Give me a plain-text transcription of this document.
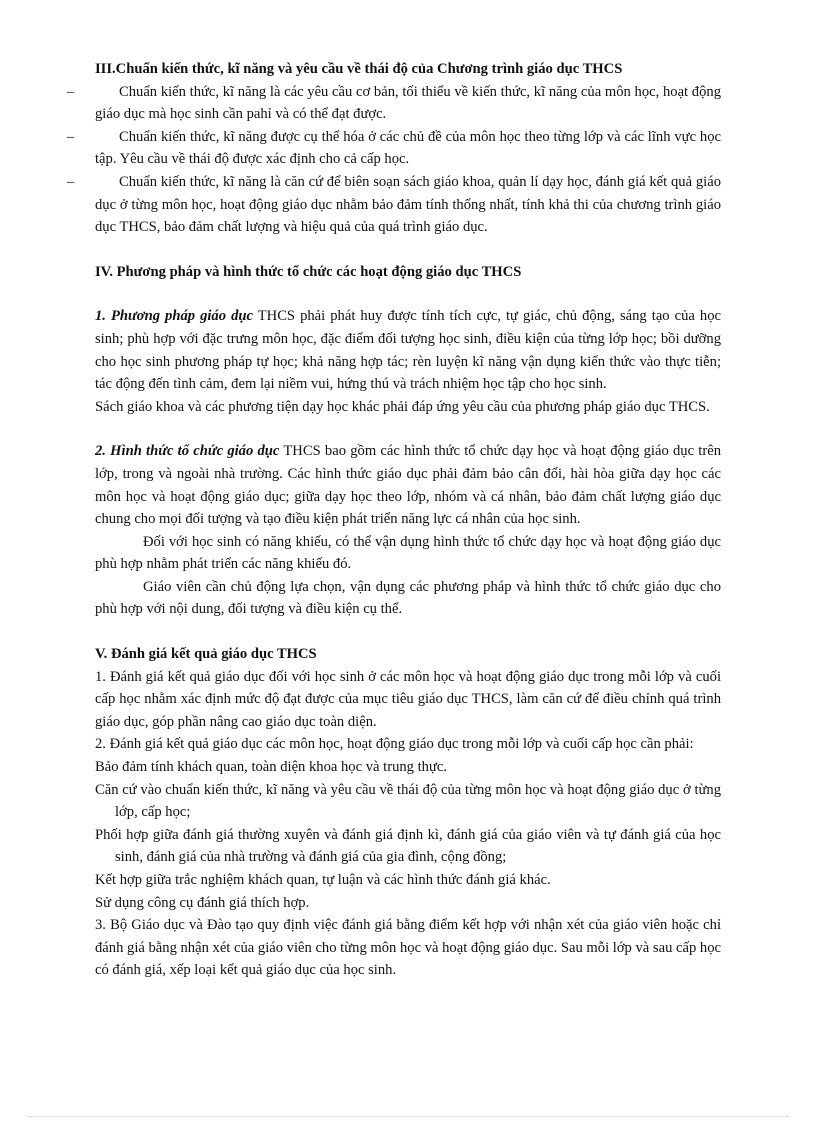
III.Chuẩn kiến thức, kĩ năng và yêu cầu về thái độ của Chương trình giáo dục THCS

–	Chuẩn kiến thức, kĩ năng là các yêu cầu cơ bản, tối thiểu về kiến thức, kĩ năng của môn học, hoạt động giáo dục mà học sinh cần pahỉ và có thể đạt được.

–	Chuẩn kiến thức, kĩ năng được cụ thể hóa ở các chủ đề của môn học theo từng lớp và các lĩnh vực học tập. Yêu cầu về thái độ được xác định cho cả cấp học.

–	Chuẩn kiến thức, kĩ năng là căn cứ để biên soạn sách giáo khoa, quản lí dạy học, đánh giá kết quả giáo dục ở từng môn học, hoạt động giáo dục nhằm bảo đảm tính thống nhất, tính khả thi của chương trình giáo dục THCS, bảo đảm chất lượng và hiệu quả của quá trình giáo dục.

IV. Phương pháp và hình thức tổ chức các hoạt động giáo dục THCS

1. Phương pháp giáo dục THCS phải phát huy được tính tích cực, tự giác, chủ động, sáng tạo của học sinh; phù hợp với đặc trưng môn học, đặc điểm đối tượng học sinh, điều kiện của từng lớp học; bồi dưỡng cho học sinh phương pháp tự học; khả năng hợp tác; rèn luyện kĩ năng vận dụng kiến thức vào thực tiễn; tác động đến tình cảm, đem lại niềm vui, hứng thú và trách nhiệm học tập cho học sinh.

Sách giáo khoa và các phương tiện dạy học khác phải đáp ứng yêu cầu của phương pháp giáo dục THCS.

2. Hình thức tổ chức giáo dục THCS bao gồm các hình thức tổ chức dạy học và hoạt động giáo dục trên lớp, trong và ngoài nhà trường. Các hình thức giáo dục phải đảm bảo cân đối, hài hòa giữa dạy học các môn học và hoạt động giáo dục; giữa dạy học theo lớp, nhóm và cá nhân, bảo đảm chất lượng giáo dục chung cho mọi đối tượng và tạo điều kiện phát triển năng lực cá nhân của học sinh.

Đối với học sinh có năng khiếu, có thể vận dụng hình thức tổ chức dạy học và hoạt động giáo dục phù hợp nhằm phát triển các năng khiếu đó.

Giáo viên cần chủ động lựa chọn, vận dụng các phương pháp và hình thức tổ chức giáo dục cho phù hợp với nội dung, đối tượng và điều kiện cụ thể.

V. Đánh giá kết quả giáo dục THCS

1. Đánh giá kết quả giáo dục đối với học sinh ở các môn học và hoạt động giáo dục trong mỗi lớp và cuối cấp học nhằm xác định mức độ đạt được của mục tiêu giáo dục THCS, làm căn cứ để điều chỉnh quá trình giáo dục, góp phần nâng cao giáo dục toàn diện.

2. Đánh giá kết quả giáo dục các môn học, hoạt động giáo dục trong mỗi lớp và cuối cấp học cần phải:

Bảo đảm tính khách quan, toàn diện khoa học và trung thực.

Căn cứ vào chuẩn kiến thức, kĩ năng và yêu cầu về thái độ của từng môn học và hoạt động giáo dục ở từng lớp, cấp học;

Phối hợp giữa đánh giá thường xuyên và đánh giá định kì, đánh giá của giáo viên và tự đánh giá của học sinh, đánh giá của nhà trường và đánh giá của gia đình, cộng đồng;

Kết hợp giữa trắc nghiệm khách quan, tự luận và các hình thức đánh giá khác.

Sử dụng công cụ đánh giá thích hợp.

3. Bộ Giáo dục và Đào tạo quy định việc đánh giá bằng điểm kết hợp với nhận xét của giáo viên hoặc chỉ đánh giá bằng nhận xét của giáo viên cho từng môn học và hoạt động giáo dục. Sau mỗi lớp và sau cấp học có đánh giá, xếp loại kết quả giáo dục của học sinh.
